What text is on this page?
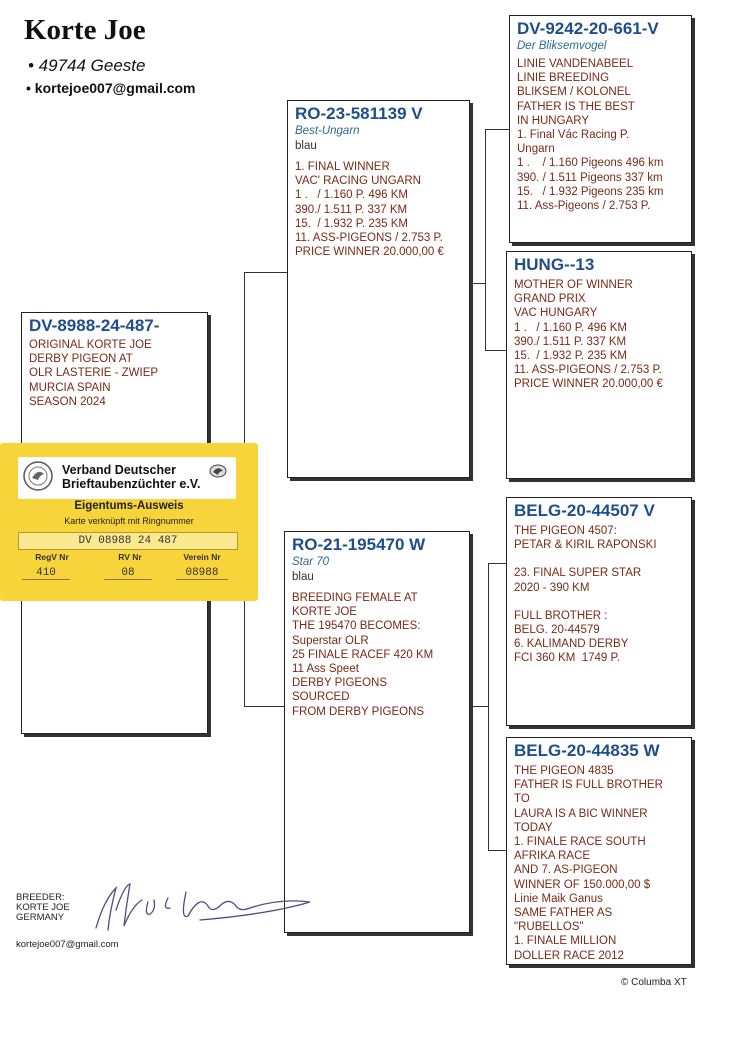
Korte Joe
• 49744 Geeste
• kortejoe007@gmail.com
DV-8988-24-487-
ORIGINAL KORTE JOE
DERBY PIGEON AT
OLR LASTERIE - ZWIEP
MURCIA SPAIN
SEASON 2024
RO-23-581139 V
Best-Ungarn
blau
1. FINAL WINNER
VAC' RACING UNGARN
1 .   / 1.160 P. 496 KM
390./ 1.511 P. 337 KM
15.  / 1.932 P. 235 KM
11. ASS-PIGEONS / 2.753 P.
PRICE WINNER 20.000,00 €
RO-21-195470 W
Star 70
blau
BREEDING FEMALE AT
KORTE JOE
THE 195470 BECOMES:
Superstar OLR
25 FINALE RACEF 420 KM
11 Ass Speet
DERBY PIGEONS
SOURCED
FROM DERBY PIGEONS
DV-9242-20-661-V
Der Bliksemvogel
LINIE VANDENABEEL
LINIE BREEDING
BLIKSEM / KOLONEL
FATHER IS THE BEST
IN HUNGARY
1. Final Vác Racing P.
Ungarn
1 .    / 1.160 Pigeons 496 km
390. / 1.511 Pigeons 337 km
15.   / 1.932 Pigeons 235 km
11. Ass-Pigeons / 2.753 P.
HUNG--13
MOTHER OF WINNER
GRAND PRIX
VAC HUNGARY
1 .   / 1.160 P. 496 KM
390./ 1.511 P. 337 KM
15.  / 1.932 P. 235 KM
11. ASS-PIGEONS / 2.753 P.
PRICE WINNER 20.000,00 €
BELG-20-44507 V
THE PIGEON 4507:
PETAR & KIRIL RAPONSKI
23. FINAL SUPER STAR
2020 - 390 KM
FULL BROTHER :
BELG. 20-44579
6. KALIMAND DERBY
FCI 360 KM  1749 P.
BELG-20-44835 W
THE PIGEON 4835
FATHER IS FULL BROTHER
TO
LAURA IS A BIC WINNER
TODAY
1. FINALE RACE SOUTH
AFRIKA RACE
AND 7. AS-PIGEON
WINNER OF 150.000,00 $
Linie Maik Ganus
SAME FATHER AS
"RUBELLOS"
1. FINALE MILLION
DOLLER RACE 2012
Verband Deutscher
Brieftaubenzüchter e.V.
Eigentums-Ausweis
Karte verknüpft mit Ringnummer
DV 08988 24 487
RegV Nr	RV Nr	Verein Nr
410	08	08988
BREEDER:
KORTE JOE
GERMANY
kortejoe007@gmail.com
© Columba XT
